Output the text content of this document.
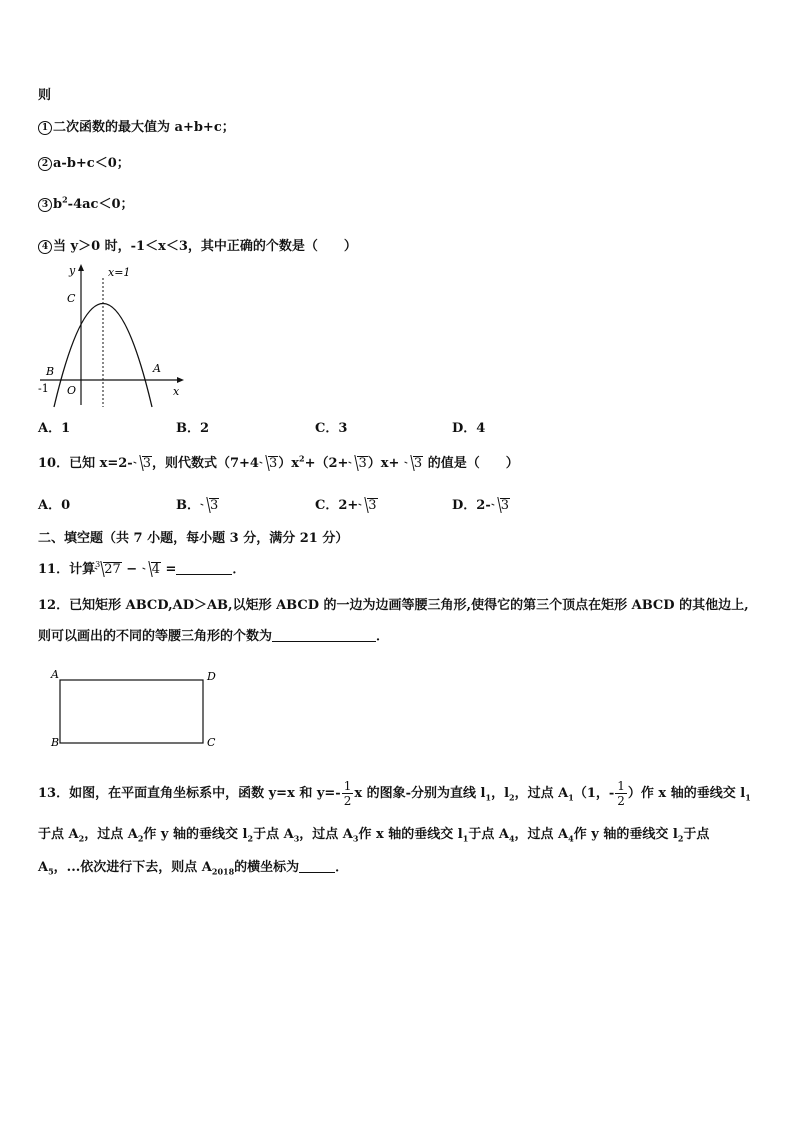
则
1 二次函数的最大值为 a+b+c；
2 a-b+c＜0；
3 $b^2-4ac<0$；
4 当 y＞0 时，-1＜x＜3，其中正确的个数是（　　）
y	x=1
C
B	A
-1 O	x
A．1	B．2	C．3	D．4
10．已知 x=2- 3，则代数式（7+4 $3)x^2+(2+ 3)x+ 3$ 的值是（　　）
A．0	B． 3	C．2+ 3	D．2- 3
二、填空题（共 7 小题，每小题 3 分，满分 21 分）
11．计算$^3$ 27 − 4 =	．
12．已知矩形 ABCD,AD＞AB,以矩形 ABCD 的一边为边画等腰三角形,使得它的第三个顶点在矩形 ABCD 的其他边上,
则可以画出的不同的等腰三角形的个数为	．
A	D
B	C
13．如图，在平面直角坐标系中，函数 y=x 和 $y=- \frac{1}{2}$ x 的图象-分别为直线 $l_1$，$l_2$，过点 $A_1(1$，- $\frac{1}{2}$ ）作 x 轴的垂线交 $l_1$
于点 $A_2$，过点 $A_2$作 y 轴的垂线交 $l_2$于点 $A_3$，过点 $A_3$作 x 轴的垂线交 $l_1$于点 $A_4$，过点 $A_4$作 y 轴的垂线交 $l_2$于点
$A_5$，...依次进行下去，则点 $A_{2018}$的横坐标为	．
